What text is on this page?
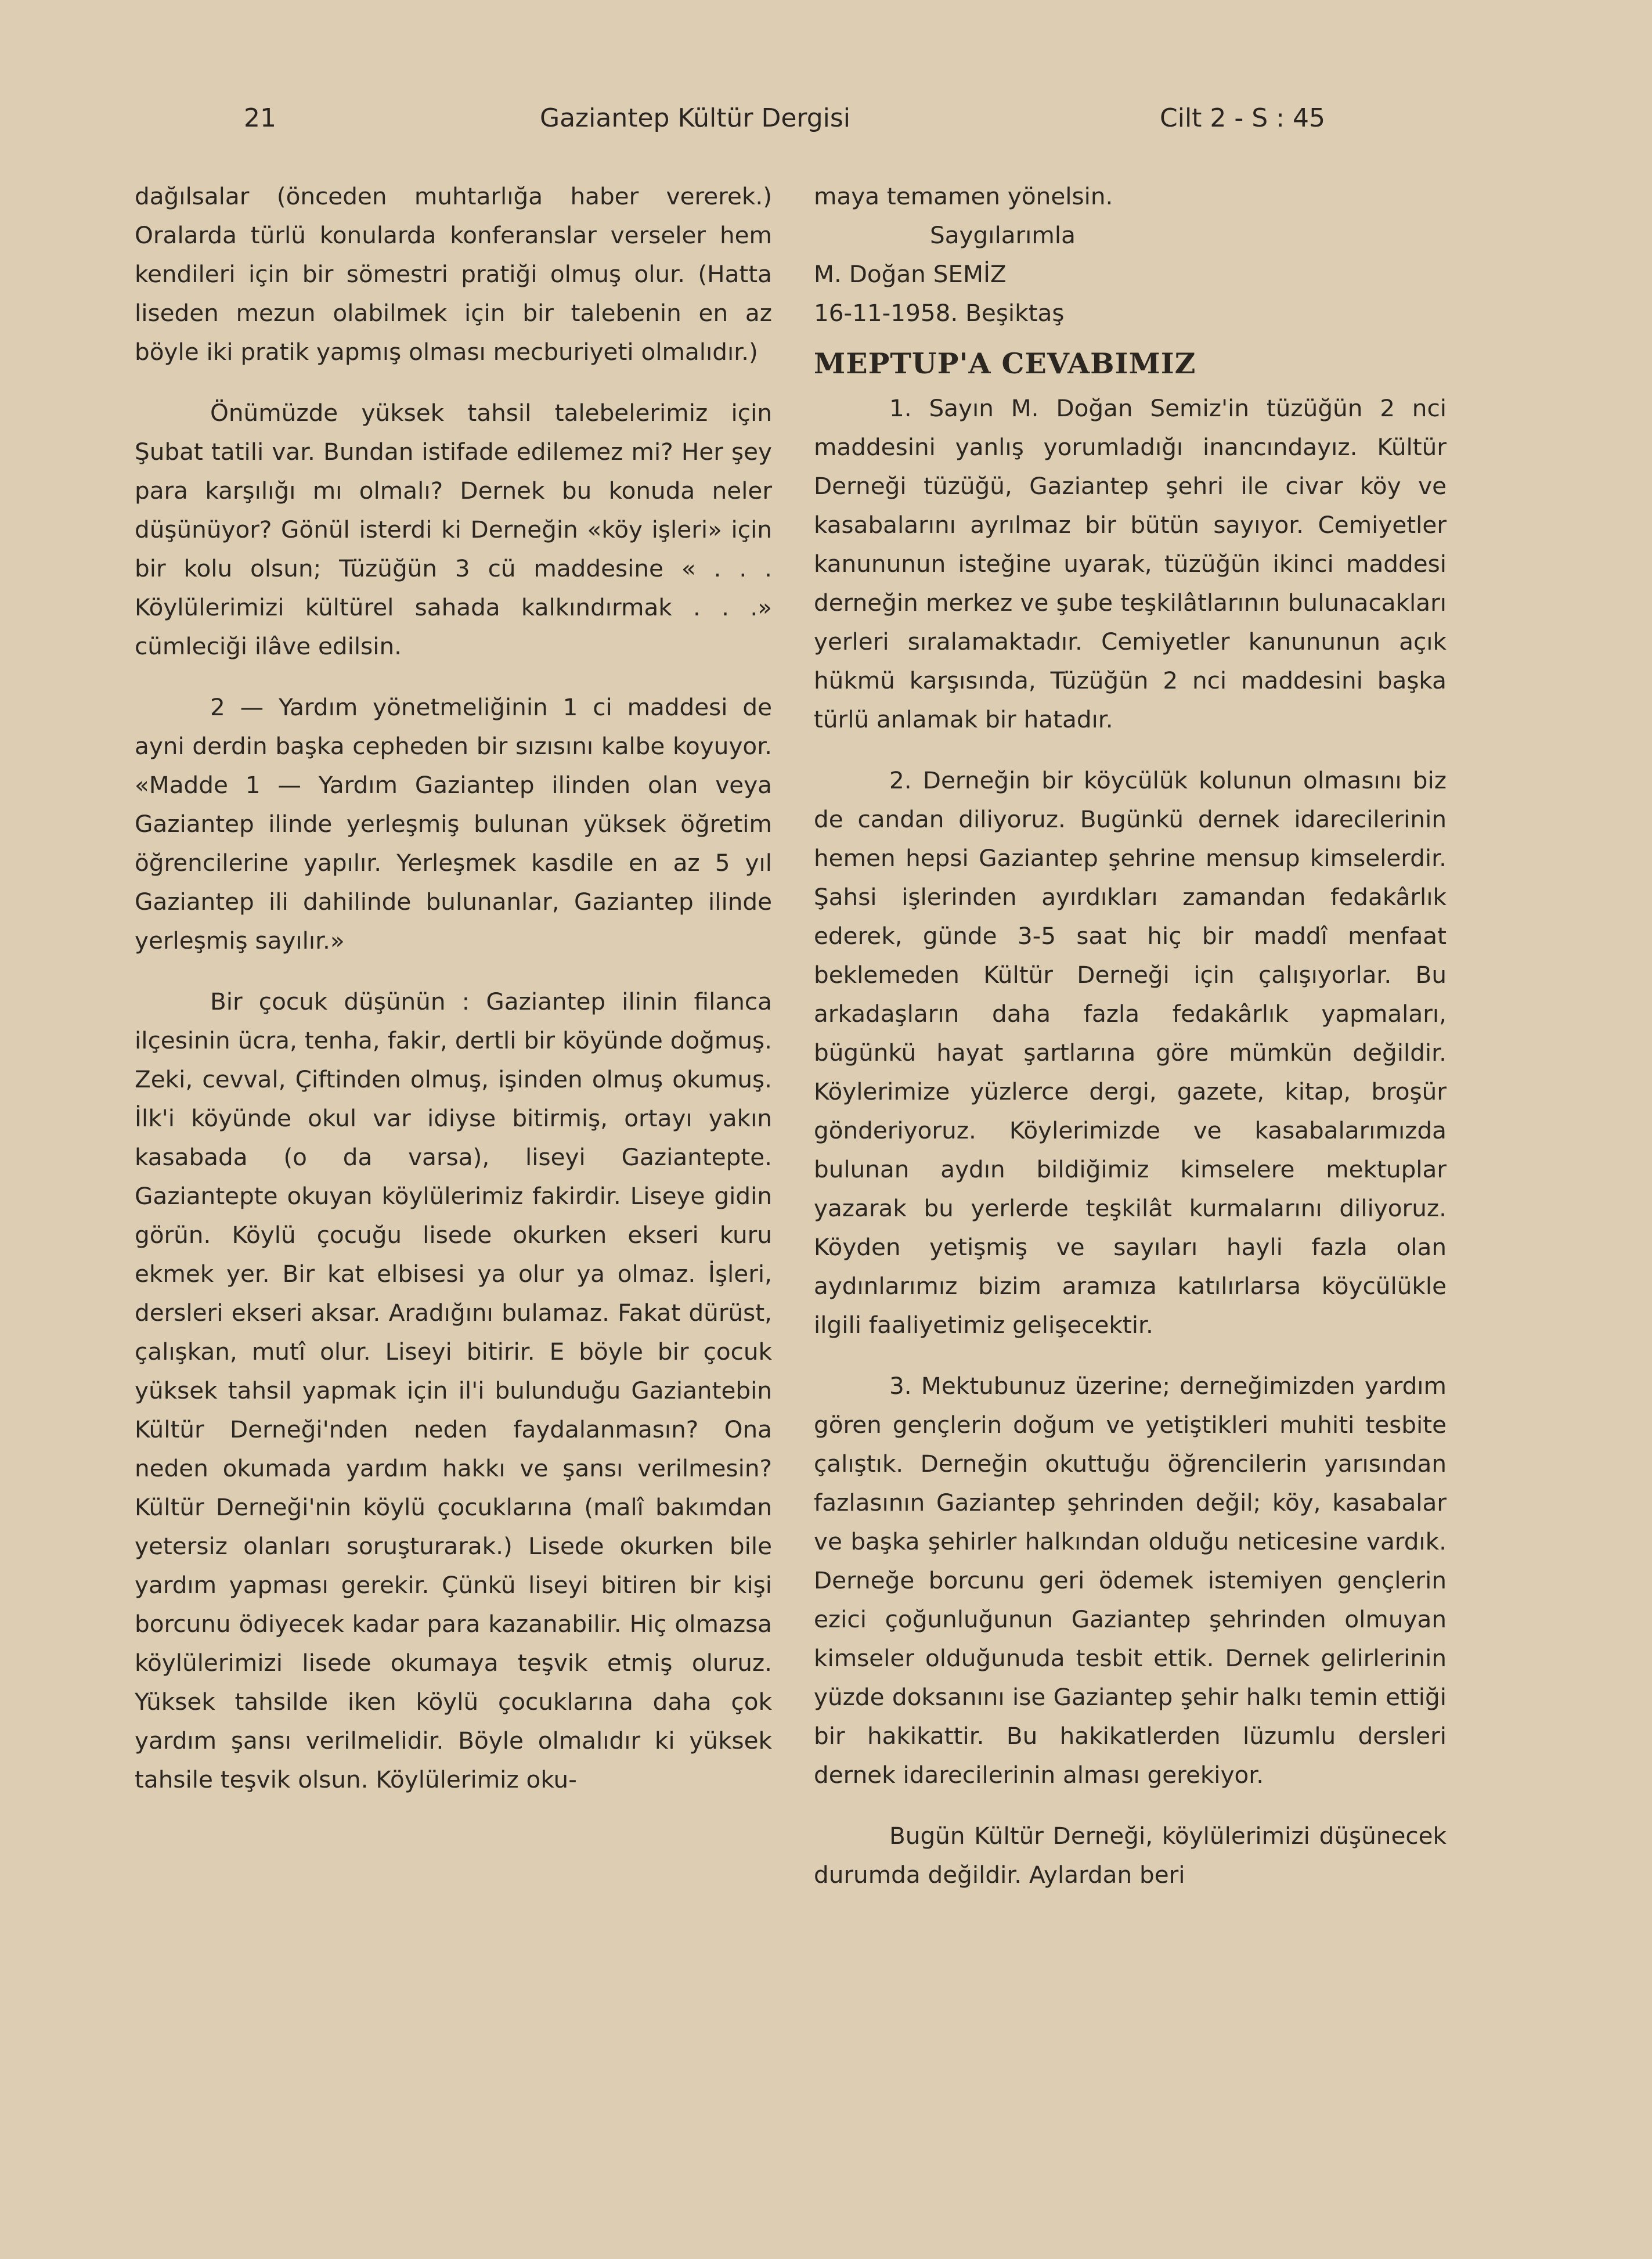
21	Gaziantep Kültür Dergisi	Cilt 2 - S : 45

dağılsalar (önceden muhtarlığa haber vererek.) Oralarda türlü konularda konferanslar verseler hem kendileri için bir sömestri pratiği olmuş olur. (Hatta liseden mezun olabilmek için bir talebenin en az böyle iki pratik yapmış olması mecburiyeti olmalıdır.)

Önümüzde yüksek tahsil talebelerimiz için Şubat tatili var. Bundan istifade edilemez mi? Her şey para karşılığı mı olmalı? Dernek bu konuda neler düşünüyor? Gönül isterdi ki Derneğin «köy işleri» için bir kolu olsun; Tüzüğün 3 cü maddesine « . . . Köylülerimizi kültürel sahada kalkındırmak . . .» cümleciği ilâve edilsin.

2 — Yardım yönetmeliğinin 1 ci maddesi de ayni derdin başka cepheden bir sızısını kalbe koyuyor. «Madde 1 — Yardım Gaziantep ilinden olan veya Gaziantep ilinde yerleşmiş bulunan yüksek öğretim öğrencilerine yapılır. Yerleşmek kasdile en az 5 yıl Gaziantep ili dahilinde bulunanlar, Gaziantep ilinde yerleşmiş sayılır.»

Bir çocuk düşünün : Gaziantep ilinin filanca ilçesinin ücra, tenha, fakir, dertli bir köyünde doğmuş. Zeki, cevval, Çiftinden olmuş, işinden olmuş okumuş. İlk'i köyünde okul var idiyse bitirmiş, ortayı yakın kasabada (o da varsa), liseyi Gaziantepte. Gaziantepte okuyan köylülerimiz fakirdir. Liseye gidin görün. Köylü çocuğu lisede okurken ekseri kuru ekmek yer. Bir kat elbisesi ya olur ya olmaz. İşleri, dersleri ekseri aksar. Aradığını bulamaz. Fakat dürüst, çalışkan, mutî olur. Liseyi bitirir. E böyle bir çocuk yüksek tahsil yapmak için il'i bulunduğu Gaziantebin Kültür Derneği'nden neden faydalanmasın? Ona neden okumada yardım hakkı ve şansı verilmesin? Kültür Derneği'nin köylü çocuklarına (malî bakımdan yetersiz olanları soruşturarak.) Lisede okurken bile yardım yapması gerekir. Çünkü liseyi bitiren bir kişi borcunu ödiyecek kadar para kazanabilir. Hiç olmazsa köylülerimizi lisede okumaya teşvik etmiş oluruz. Yüksek tahsilde iken köylü çocuklarına daha çok yardım şansı verilmelidir. Böyle olmalıdır ki yüksek tahsile teşvik olsun. Köylülerimiz oku-

maya temamen yönelsin.

Saygılarımla

M. Doğan SEMİZ

16-11-1958. Beşiktaş

MEPTUP'A CEVABIMIZ

1. Sayın M. Doğan Semiz'in tüzüğün 2 nci maddesini yanlış yorumladığı inancındayız. Kültür Derneği tüzüğü, Gaziantep şehri ile civar köy ve kasabalarını ayrılmaz bir bütün sayıyor. Cemiyetler kanununun isteğine uyarak, tüzüğün ikinci maddesi derneğin merkez ve şube teşkilâtlarının bulunacakları yerleri sıralamaktadır. Cemiyetler kanununun açık hükmü karşısında, Tüzüğün 2 nci maddesini başka türlü anlamak bir hatadır.

2. Derneğin bir köycülük kolunun olmasını biz de candan diliyoruz. Bugünkü dernek idarecilerinin hemen hepsi Gaziantep şehrine mensup kimselerdir. Şahsi işlerinden ayırdıkları zamandan fedakârlık ederek, günde 3-5 saat hiç bir maddî menfaat beklemeden Kültür Derneği için çalışıyorlar. Bu arkadaşların daha fazla fedakârlık yapmaları, bügünkü hayat şartlarına göre mümkün değildir. Köylerimize yüzlerce dergi, gazete, kitap, broşür gönderiyoruz. Köylerimizde ve kasabalarımızda bulunan aydın bildiğimiz kimselere mektuplar yazarak bu yerlerde teşkilât kurmalarını diliyoruz. Köyden yetişmiş ve sayıları hayli fazla olan aydınlarımız bizim aramıza katılırlarsa köycülükle ilgili faaliyetimiz gelişecektir.

3. Mektubunuz üzerine; derneğimizden yardım gören gençlerin doğum ve yetiştikleri muhiti tesbite çalıştık. Derneğin okuttuğu öğrencilerin yarısından fazlasının Gaziantep şehrinden değil; köy, kasabalar ve başka şehirler halkından olduğu neticesine vardık. Derneğe borcunu geri ödemek istemiyen gençlerin ezici çoğunluğunun Gaziantep şehrinden olmuyan kimseler olduğunuda tesbit ettik. Dernek gelirlerinin yüzde doksanını ise Gaziantep şehir halkı temin ettiği bir hakikattir. Bu hakikatlerden lüzumlu dersleri dernek idarecilerinin alması gerekiyor.

Bugün Kültür Derneği, köylülerimizi düşünecek durumda değildir. Aylardan beri
